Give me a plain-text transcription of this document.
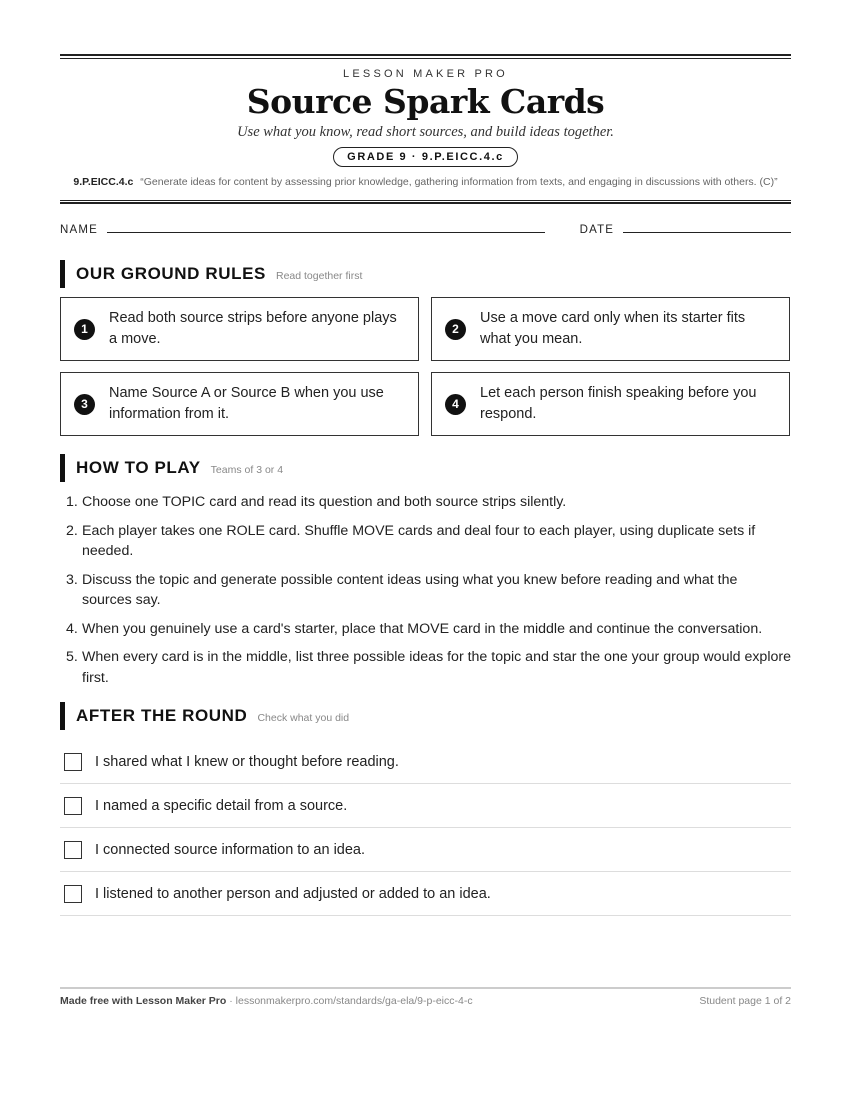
LESSON MAKER PRO
Source Spark Cards
Use what you know, read short sources, and build ideas together.
GRADE 9 · 9.P.EICC.4.c
9.P.EICC.4.c “Generate ideas for content by assessing prior knowledge, gathering information from texts, and engaging in discussions with others. (C)”
NAME	DATE
OUR GROUND RULES Read together first
1
Read both source strips before anyone plays a move.
2
Use a move card only when its starter fits what you mean.
3
Name Source A or Source B when you use information from it.
4
Let each person finish speaking before you respond.
HOW TO PLAY Teams of 3 or 4
1. Choose one TOPIC card and read its question and both source strips silently.
2. Each player takes one ROLE card. Shuffle MOVE cards and deal four to each player, using duplicate sets if needed.
3. Discuss the topic and generate possible content ideas using what you knew before reading and what the sources say.
4. When you genuinely use a card's starter, place that MOVE card in the middle and continue the conversation.
5. When every card is in the middle, list three possible ideas for the topic and star the one your group would explore first.
AFTER THE ROUND Check what you did
I shared what I knew or thought before reading.
I named a specific detail from a source.
I connected source information to an idea.
I listened to another person and adjusted or added to an idea.
Made free with Lesson Maker Pro · lessonmakerpro.com/standards/ga-ela/9-p-eicc-4-c	Student page 1 of 2
